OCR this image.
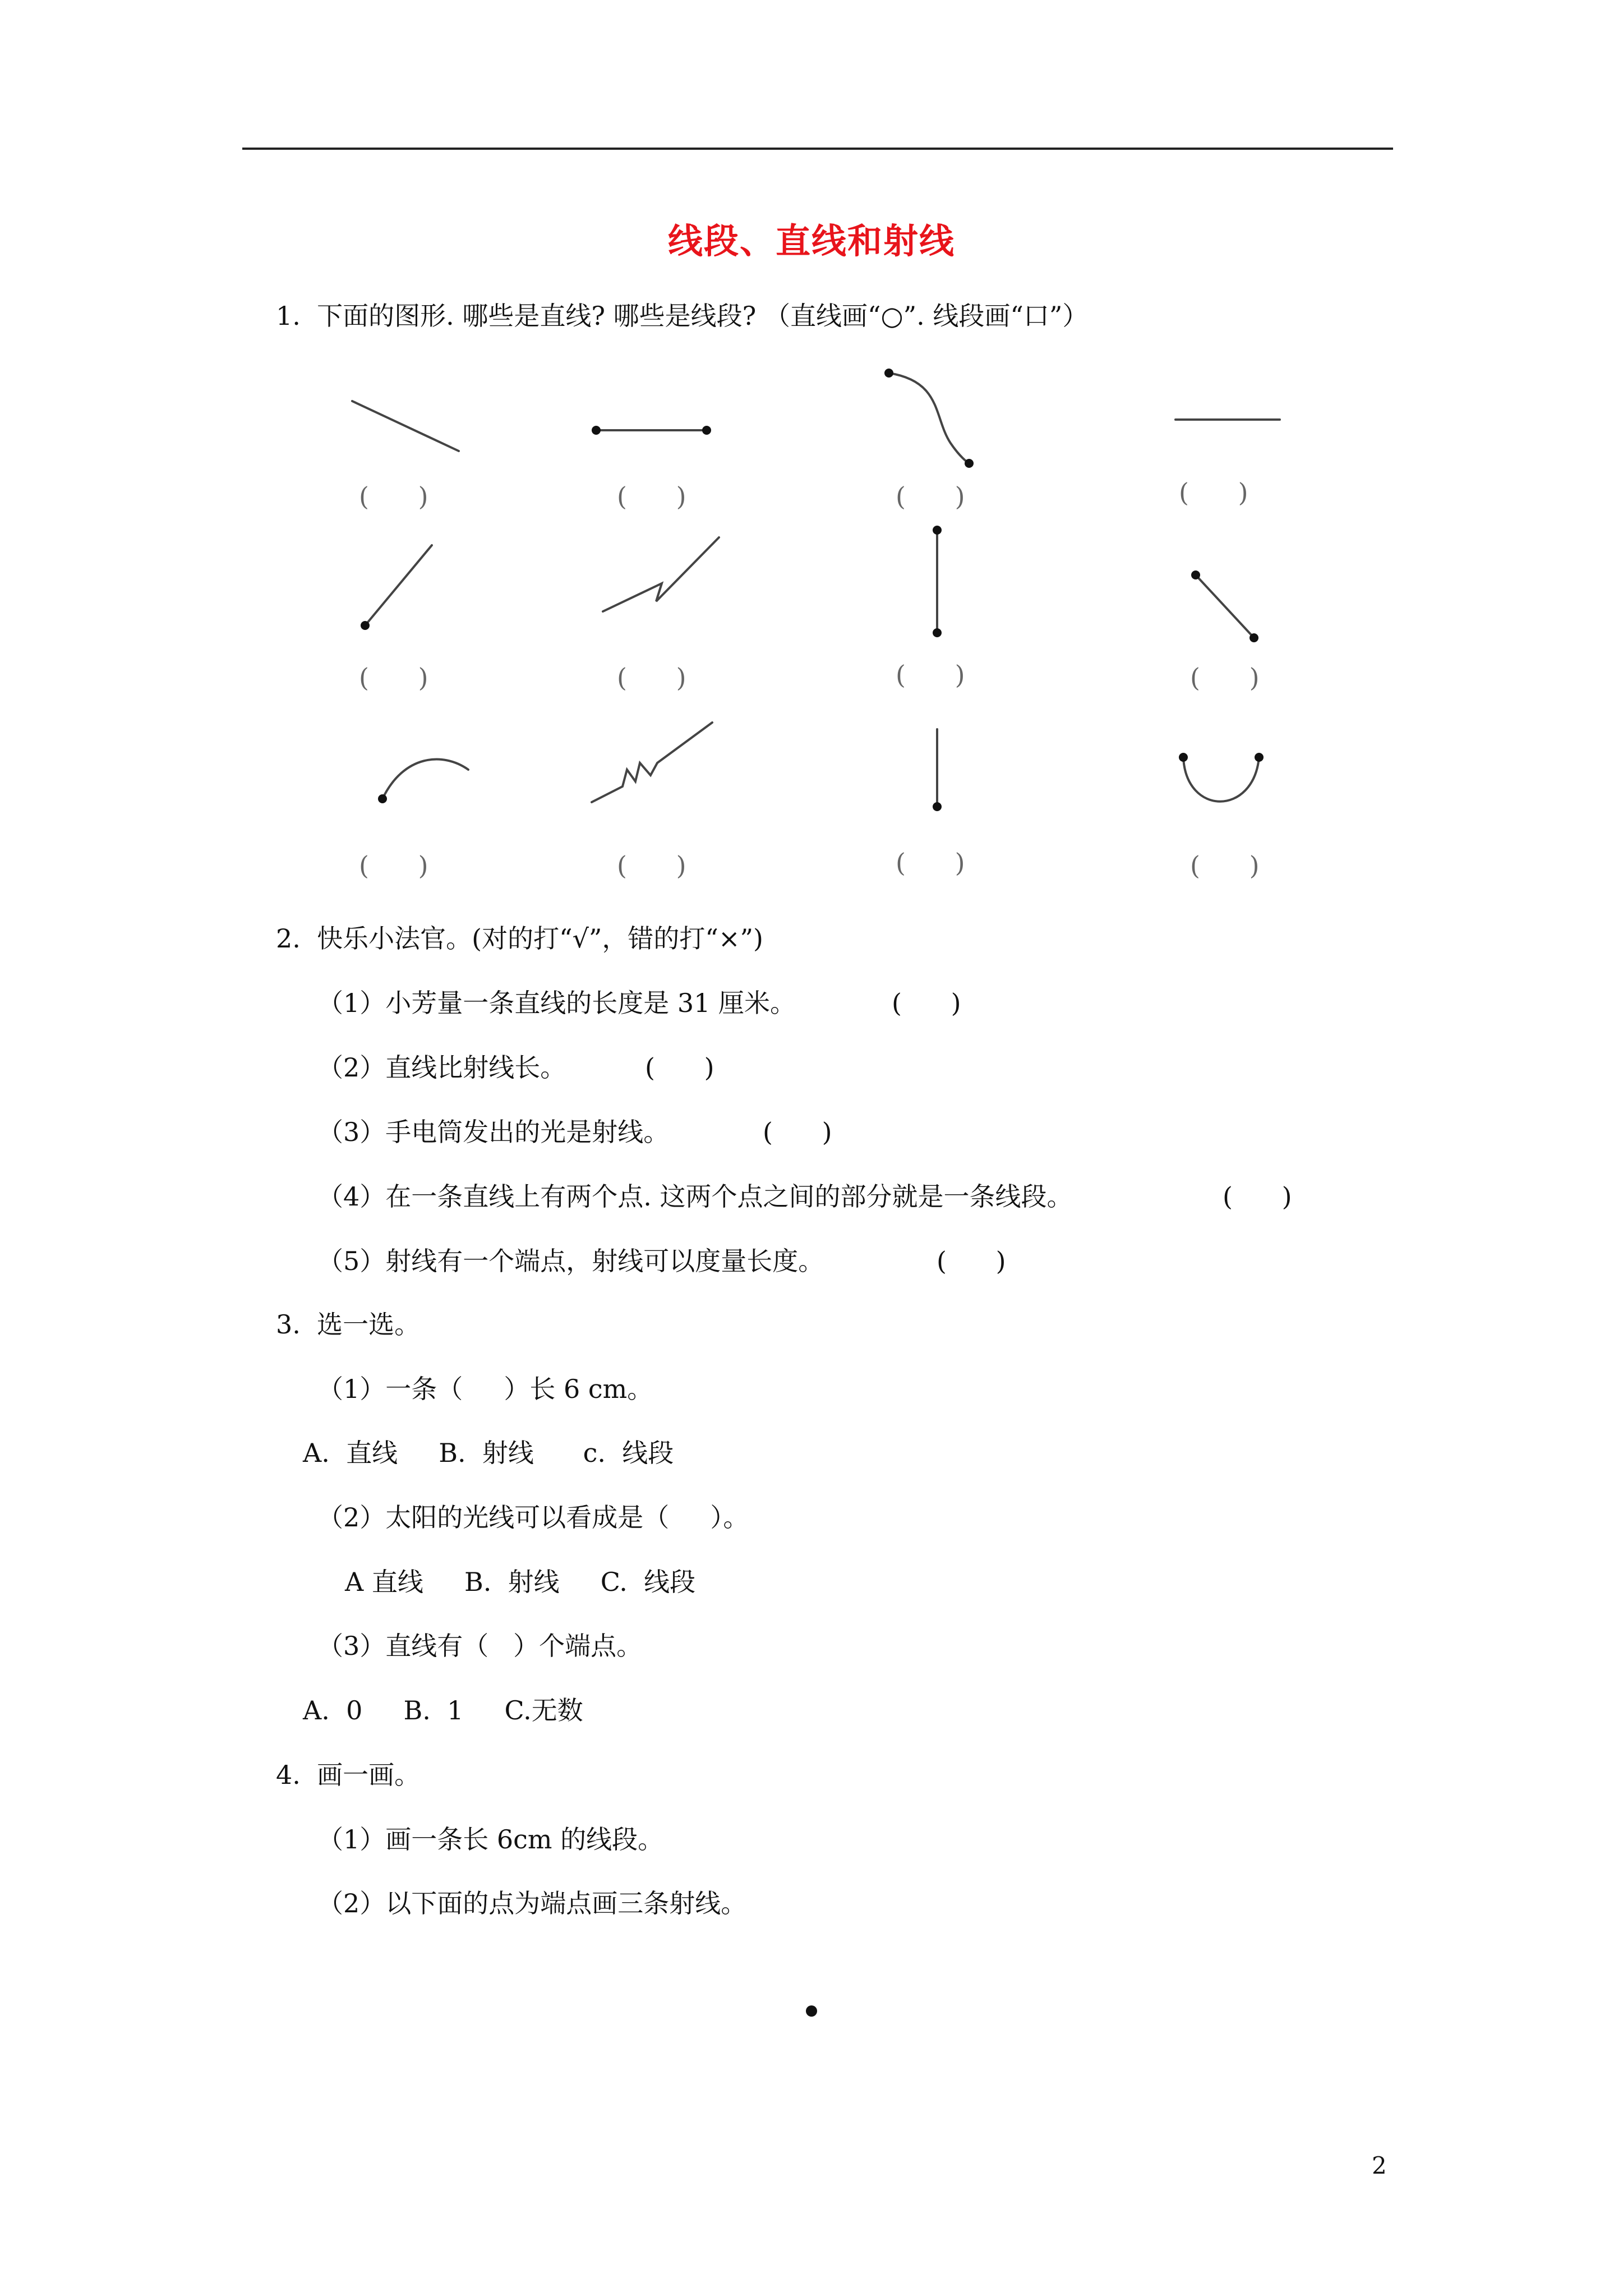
线段、直线和射线
1.  下面的图形. 哪些是直线? 哪些是线段? （直线画“○”. 线段画“口”）
(      )	(      )	(      )	(      )
(      )	(      )	(      )	(      )
(      )	(      )	(      )	(      )
2.  快乐小法官。(对的打“√”，错的打“×”)
（1）小芳量一条直线的长度是 31 厘米。	(      )
（2）直线比射线长。	(      )
（3）手电筒发出的光是射线。	(      )
（4）在一条直线上有两个点. 这两个点之间的部分就是一条线段。	(      )
（5）射线有一个端点，射线可以度量长度。	(      )
3.  选一选。
（1）一条（     ）长 6 cm。
A.  直线     B.  射线      c.  线段
（2）太阳的光线可以看成是（     ）。
A 直线     B.  射线     C.  线段
（3）直线有（   ）个端点。
A.  0     B.  1     C.无数
4.  画一画。
（1）画一条长 6cm 的线段。
（2）以下面的点为端点画三条射线。
2
